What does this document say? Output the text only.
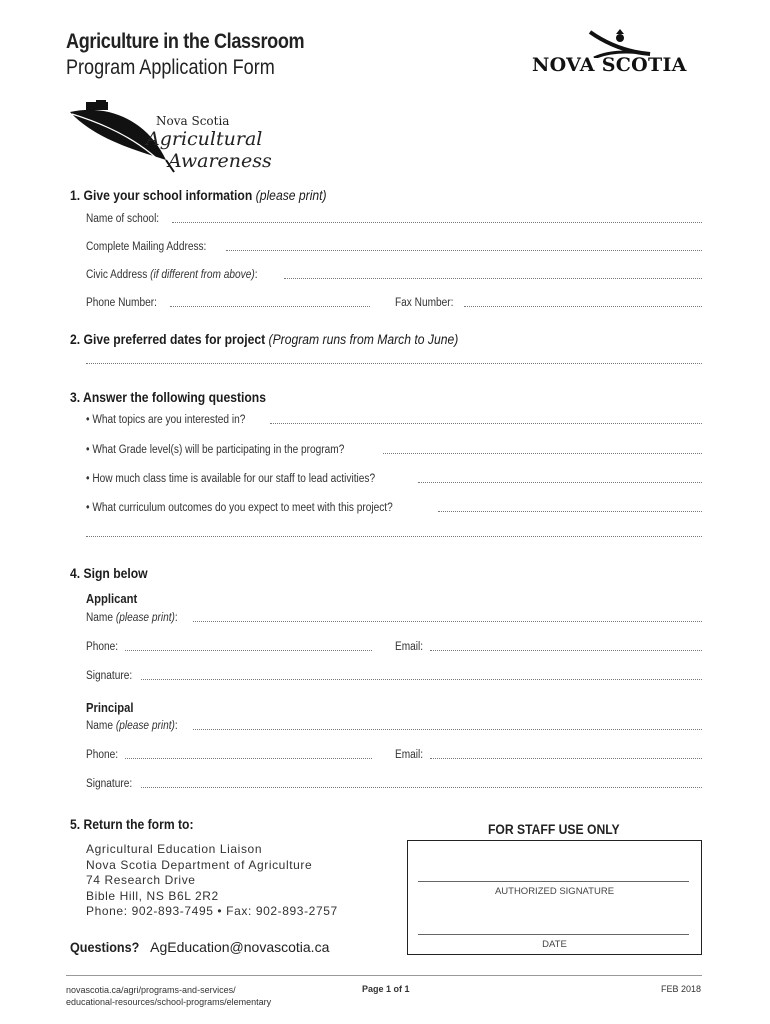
Agriculture in the Classroom
Program Application Form	NOVA SCOTIA
Nova Scotia
Agricultural
Awareness
1. Give your school information (please print)
Name of school:
Complete Mailing Address:
Civic Address (if different from above):
Phone Number:	Fax Number:
2. Give preferred dates for project (Program runs from March to June)
3. Answer the following questions
• What topics are you interested in?
• What Grade level(s) will be participating in the program?
• How much class time is available for our staff to lead activities?
• What curriculum outcomes do you expect to meet with this project?
4. Sign below
Applicant
Name (please print):
Phone:	Email:
Signature:
Principal
Name (please print):
Phone:	Email:
Signature:
5. Return the form to:
Agricultural Education Liaison
Nova Scotia Department of Agriculture
74 Research Drive
Bible Hill, NS B6L 2R2
Phone: 902-893-7495 • Fax: 902-893-2757
FOR STAFF USE ONLY
AUTHORIZED SIGNATURE
DATE
Questions? AgEducation@novascotia.ca
novascotia.ca/agri/programs-and-services/
educational-resources/school-programs/elementary
Page 1 of 1	FEB 2018
